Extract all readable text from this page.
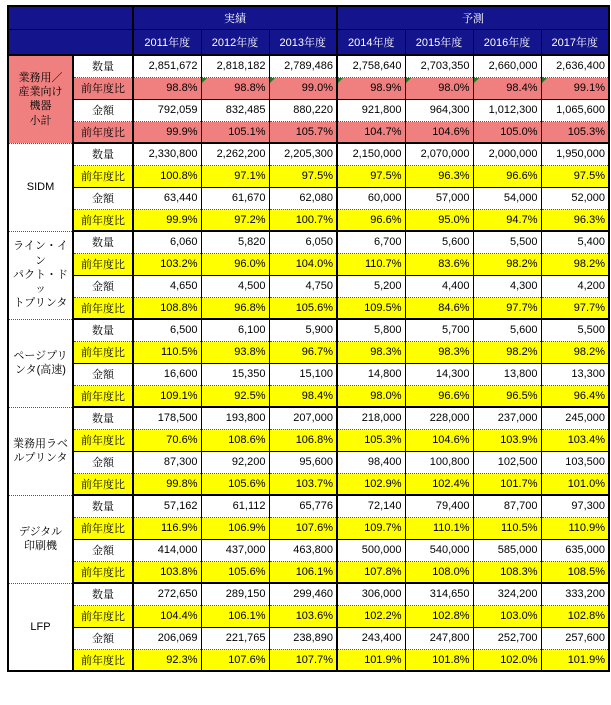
		実績			予測			
		2011年度	2012年度	2013年度	2014年度	2015年度	2016年度	2017年度
業務用／
産業向け
機器
小計	数量	2,851,672	2,818,182	2,789,486	2,758,640	2,703,350	2,660,000	2,636,400
	前年度比	98.8%	98.8%	99.0%	98.9%	98.0%	98.4%	99.1%
	金額	792,059	832,485	880,220	921,800	964,300	1,012,300	1,065,600
	前年度比	99.9%	105.1%	105.7%	104.7%	104.6%	105.0%	105.3%
SIDM	数量	2,330,800	2,262,200	2,205,300	2,150,000	2,070,000	2,000,000	1,950,000
	前年度比	100.8%	97.1%	97.5%	97.5%	96.3%	96.6%	97.5%
	金額	63,440	61,670	62,080	60,000	57,000	54,000	52,000
	前年度比	99.9%	97.2%	100.7%	96.6%	95.0%	94.7%	96.3%
ライン・イン
パクト・ドッ
トプリンタ	数量	6,060	5,820	6,050	6,700	5,600	5,500	5,400
	前年度比	103.2%	96.0%	104.0%	110.7%	83.6%	98.2%	98.2%
	金額	4,650	4,500	4,750	5,200	4,400	4,300	4,200
	前年度比	108.8%	96.8%	105.6%	109.5%	84.6%	97.7%	97.7%
ページプリ
ンタ(高速)	数量	6,500	6,100	5,900	5,800	5,700	5,600	5,500
	前年度比	110.5%	93.8%	96.7%	98.3%	98.3%	98.2%	98.2%
	金額	16,600	15,350	15,100	14,800	14,300	13,800	13,300
	前年度比	109.1%	92.5%	98.4%	98.0%	96.6%	96.5%	96.4%
業務用ラベ
ルプリンタ	数量	178,500	193,800	207,000	218,000	228,000	237,000	245,000
	前年度比	70.6%	108.6%	106.8%	105.3%	104.6%	103.9%	103.4%
	金額	87,300	92,200	95,600	98,400	100,800	102,500	103,500
	前年度比	99.8%	105.6%	103.7%	102.9%	102.4%	101.7%	101.0%
デジタル
印刷機	数量	57,162	61,112	65,776	72,140	79,400	87,700	97,300
	前年度比	116.9%	106.9%	107.6%	109.7%	110.1%	110.5%	110.9%
	金額	414,000	437,000	463,800	500,000	540,000	585,000	635,000
	前年度比	103.8%	105.6%	106.1%	107.8%	108.0%	108.3%	108.5%
LFP	数量	272,650	289,150	299,460	306,000	314,650	324,200	333,200
	前年度比	104.4%	106.1%	103.6%	102.2%	102.8%	103.0%	102.8%
	金額	206,069	221,765	238,890	243,400	247,800	252,700	257,600
	前年度比	92.3%	107.6%	107.7%	101.9%	101.8%	102.0%	101.9%
